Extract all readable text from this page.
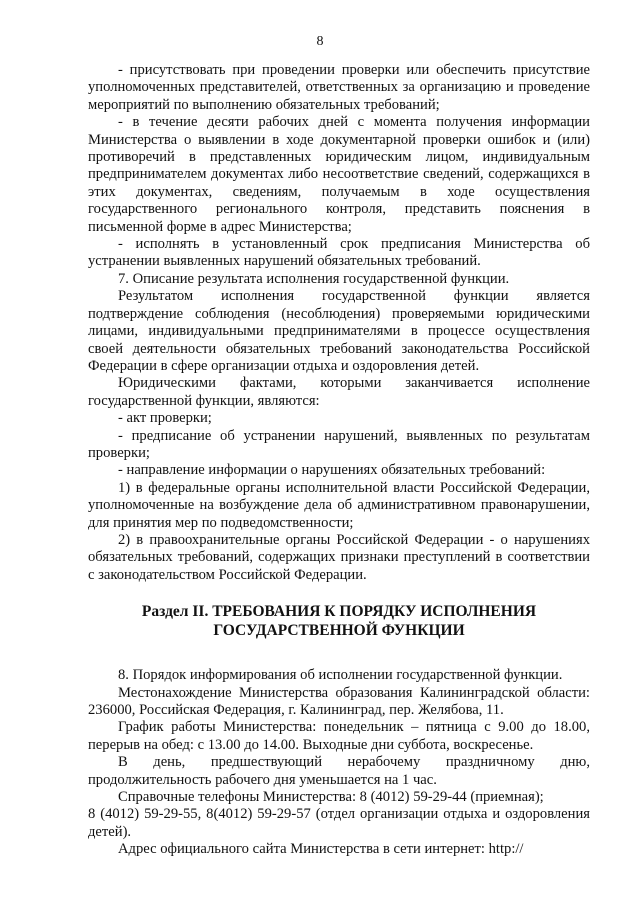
8

- присутствовать при проведении проверки или обеспечить присутствие уполномоченных представителей, ответственных за организацию и проведение мероприятий по выполнению обязательных требований;

- в течение десяти рабочих дней с момента получения информации Министерства о выявлении в ходе документарной проверки ошибок и (или) противоречий в представленных юридическим лицом, индивидуальным предпринимателем документах либо несоответствие сведений, содержащихся в этих документах, сведениям, получаемым в ходе осуществления государственного регионального контроля, представить пояснения в письменной форме в адрес Министерства;

- исполнять в установленный срок предписания Министерства об устранении выявленных нарушений обязательных требований.

7. Описание результата исполнения государственной функции.

Результатом исполнения государственной функции является подтверждение соблюдения (несоблюдения) проверяемыми юридическими лицами, индивидуальными предпринимателями в процессе осуществления своей деятельности обязательных требований законодательства Российской Федерации в сфере организации отдыха и оздоровления детей.

Юридическими фактами, которыми заканчивается исполнение государственной функции, являются:

- акт проверки;

- предписание об устранении нарушений, выявленных по результатам проверки;

- направление информации о нарушениях обязательных требований:

1) в федеральные органы исполнительной власти Российской Федерации, уполномоченные на возбуждение дела об административном правонарушении, для принятия мер по подведомственности;

2) в правоохранительные органы Российской Федерации - о нарушениях обязательных требований, содержащих признаки преступлений в соответствии с законодательством Российской Федерации.

Раздел II. ТРЕБОВАНИЯ К ПОРЯДКУ ИСПОЛНЕНИЯ
ГОСУДАРСТВЕННОЙ ФУНКЦИИ

8. Порядок информирования об исполнении государственной функции.

Местонахождение Министерства образования Калининградской области: 236000, Российская Федерация, г. Калининград, пер. Желябова, 11.

График работы Министерства: понедельник – пятница с 9.00 до 18.00, перерыв на обед: с 13.00 до 14.00. Выходные дни суббота, воскресенье.

В день, предшествующий нерабочему праздничному дню, продолжительность рабочего дня уменьшается на 1 час.

Справочные телефоны Министерства: 8 (4012) 59-29-44 (приемная);

8 (4012) 59-29-55, 8(4012) 59-29-57 (отдел организации отдыха и оздоровления детей).

Адрес официального сайта Министерства в сети интернет: http://
